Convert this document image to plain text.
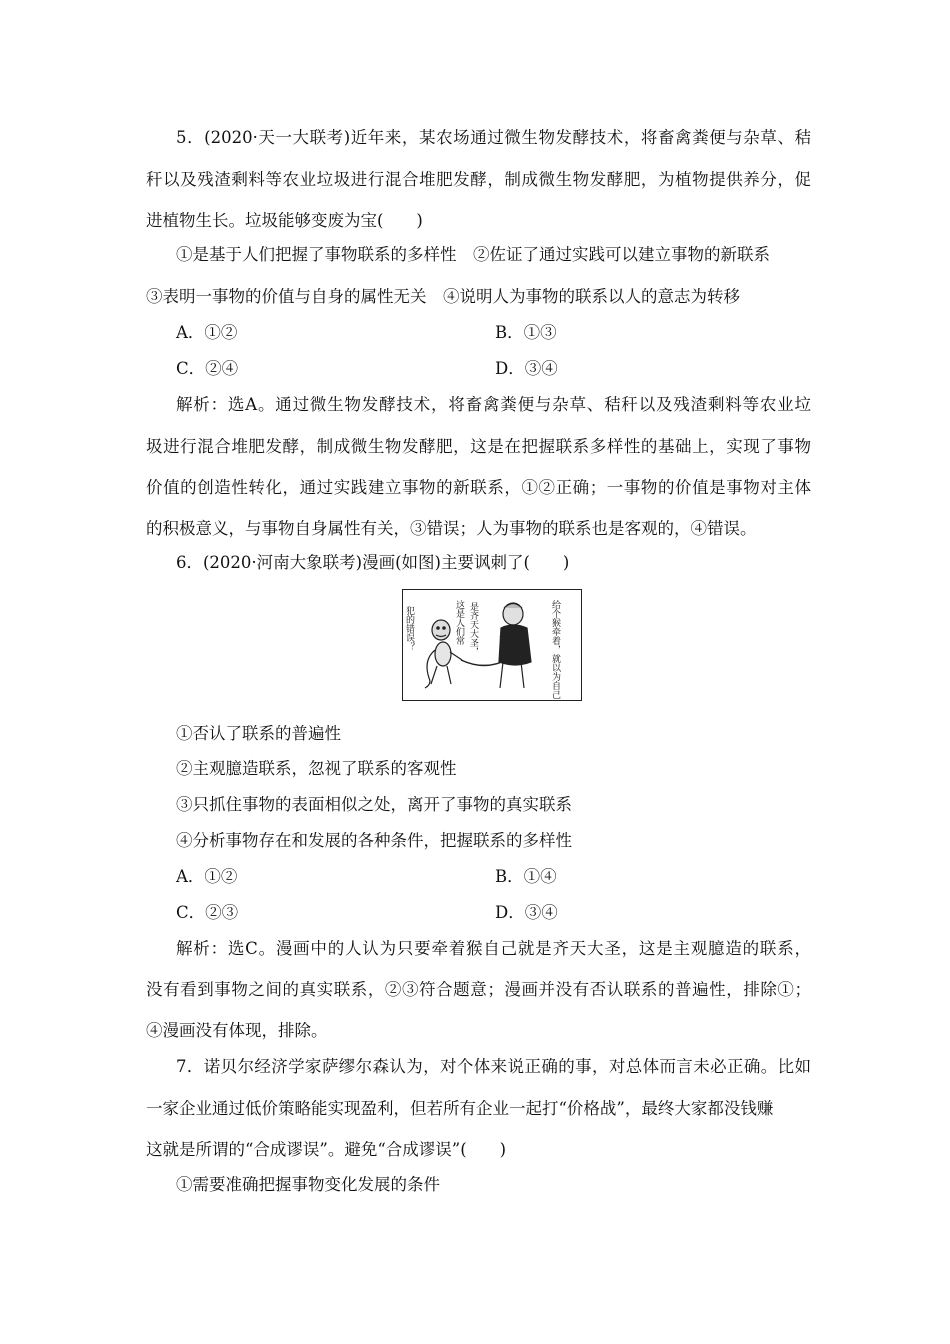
5．(2020·天一大联考)近年来，某农场通过微生物发酵技术，将畜禽粪便与杂草、秸
秆以及残渣剩料等农业垃圾进行混合堆肥发酵，制成微生物发酵肥，为植物提供养分，促
进植物生长。垃圾能够变废为宝(　　)
①是基于人们把握了事物联系的多样性　②佐证了通过实践可以建立事物的新联系
③表明一事物的价值与自身的属性无关　④说明人为事物的联系以人的意志为转移
A．①②	B．①③
C．②④	D．③④
解析：选A。通过微生物发酵技术，将畜禽粪便与杂草、秸秆以及残渣剩料等农业垃
圾进行混合堆肥发酵，制成微生物发酵肥，这是在把握联系多样性的基础上，实现了事物
价值的创造性转化，通过实践建立事物的新联系，①②正确；一事物的价值是事物对主体
的积极意义，与事物自身属性有关，③错误；人为事物的联系也是客观的，④错误。
6．(2020·河南大象联考)漫画(如图)主要讽刺了(　　)
犯的错误？	这是人们常 是齐天大圣，	给个猴牵着，就以为自己
①否认了联系的普遍性
②主观臆造联系，忽视了联系的客观性
③只抓住事物的表面相似之处，离开了事物的真实联系
④分析事物存在和发展的各种条件，把握联系的多样性
A．①②	B．①④
C．②③	D．③④
解析：选C。漫画中的人认为只要牵着猴自己就是齐天大圣，这是主观臆造的联系，
没有看到事物之间的真实联系，②③符合题意；漫画并没有否认联系的普遍性，排除①；
④漫画没有体现，排除。
7．诺贝尔经济学家萨缪尔森认为，对个体来说正确的事，对总体而言未必正确。比如
一家企业通过低价策略能实现盈利，但若所有企业一起打“价格战”，最终大家都没钱赚
这就是所谓的“合成谬误”。避免“合成谬误”(　　)
①需要准确把握事物变化发展的条件
